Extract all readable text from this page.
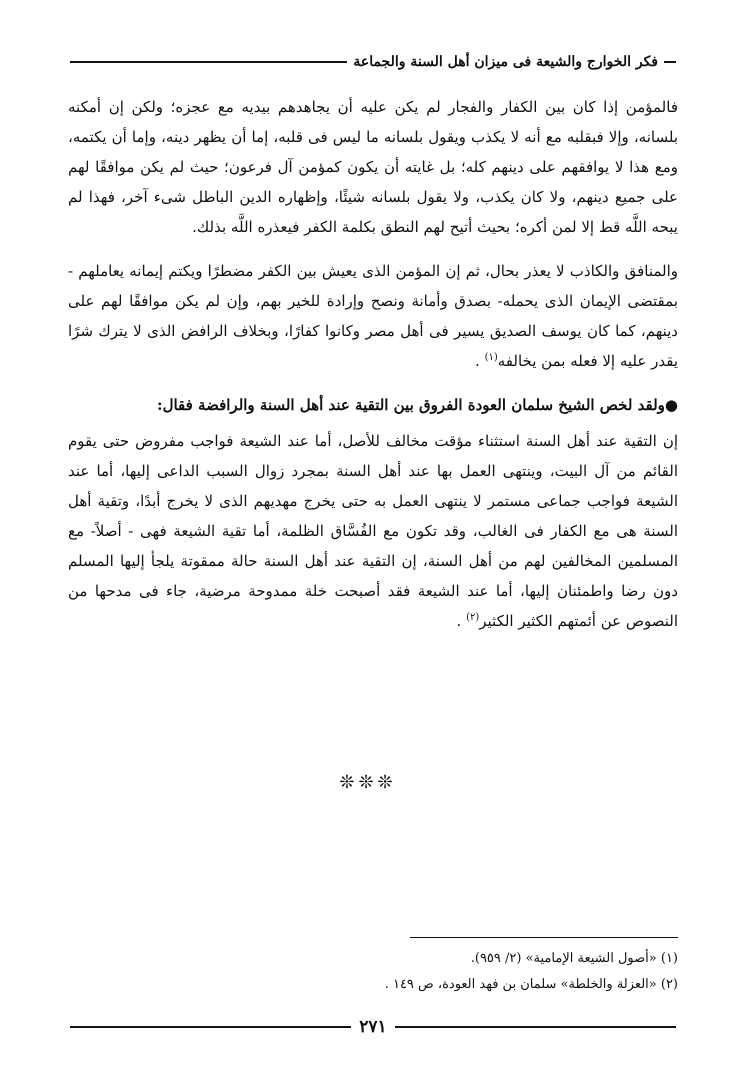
فكر الخوارج والشيعة فى ميزان أهل السنة والجماعة

فالمؤمن إذا كان بين الكفار والفجار لم يكن عليه أن يجاهدهم بيديه مع عجزه؛ ولكن إن أمكنه بلسانه، وإلا فبقلبه مع أنه لا يكذب ويقول بلسانه ما ليس فى قلبه، إما أن يظهر دينه، وإما أن يكتمه، ومع هذا لا يوافقهم على دينهم كله؛ بل غايته أن يكون كمؤمن آل فرعون؛ حيث لم يكن موافقًا لهم على جميع دينهم، ولا كان يكذب، ولا يقول بلسانه شيئًا، وإظهاره الدين الباطل شىء آخر، فهذا لم يبحه اللَّه قط إلا لمن أكره؛ بحيث أتيح لهم النطق بكلمة الكفر فيعذره اللَّه بذلك.

والمنافق والكاذب لا يعذر بحال، ثم إن المؤمن الذى يعيش بين الكفر مضطرًا ويكتم إيمانه يعاملهم - بمقتضى الإيمان الذى يحمله- بصدق وأمانة ونصح وإرادة للخير بهم، وإن لم يكن موافقًا لهم على دينهم، كما كان يوسف الصديق يسير فى أهل مصر وكانوا كفارًا، وبخلاف الرافض الذى لا يترك شرًا يقدر عليه إلا فعله بمن يخالفه$^{(١)}$ .

●ولقد لخص الشيخ سلمان العودة الفروق بين التقية عند أهل السنة والرافضة فقال:

إن التقية عند أهل السنة استثناء مؤقت مخالف للأصل، أما عند الشيعة فواجب مفروض حتى يقوم القائم من آل البيت، وينتهى العمل بها عند أهل السنة بمجرد زوال السبب الداعى إليها، أما عند الشيعة فواجب جماعى مستمر لا ينتهى العمل به حتى يخرج مهديهم الذى لا يخرج أبدًا، وتقية أهل السنة هى مع الكفار فى الغالب، وقد تكون مع الفُسَّاق الظلمة، أما تقية الشيعة فهى - أصلاً- مع المسلمين المخالفين لهم من أهل السنة، إن التقية عند أهل السنة حالة ممقوتة يلجأ إليها المسلم دون رضا واطمئنان إليها، أما عند الشيعة فقد أصبحت خلة ممدوحة مرضية، جاء فى مدحها من النصوص عن أئمتهم الكثير الكثير$^{(٢)}$ .

❊❊❊
(١) «أصول الشيعة الإمامية» (٢/ ٩٥٩).
(٢) «العزلة والخلطة» سلمان بن فهد العودة، ص ١٤٩ .
٢٧١
